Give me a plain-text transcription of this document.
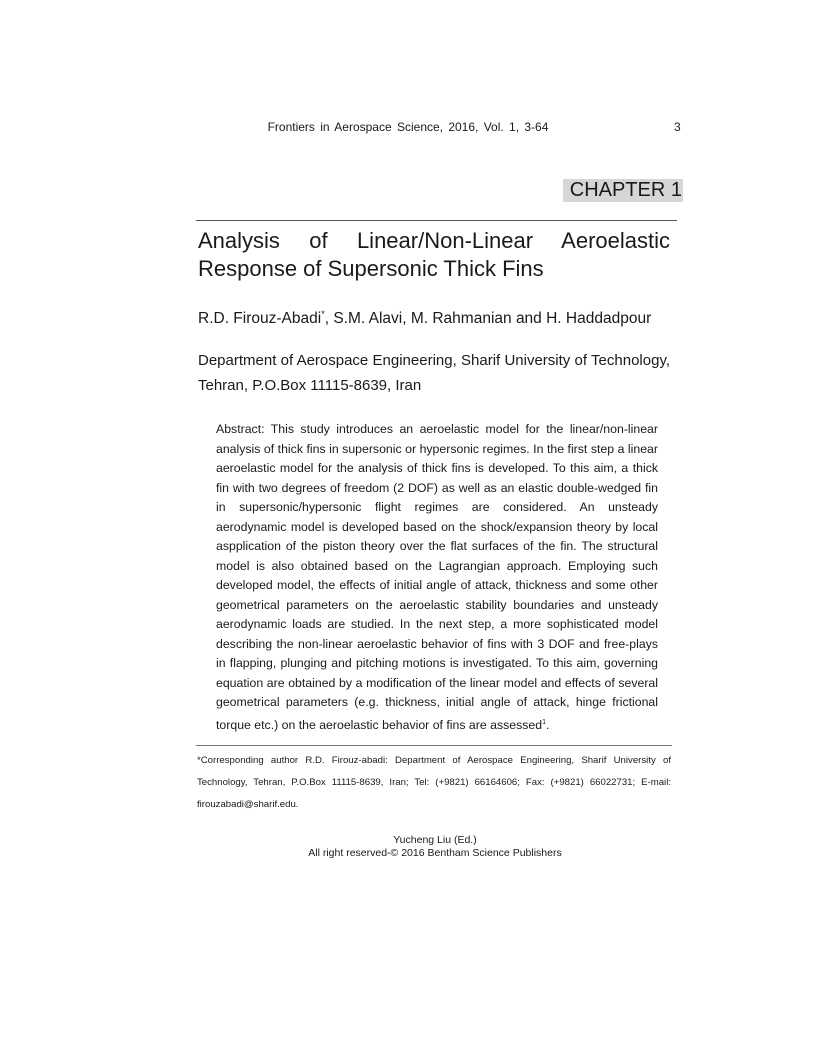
Frontiers in Aerospace Science, 2016, Vol. 1, 3-64	3
CHAPTER 1
Analysis of Linear/Non-Linear Aeroelastic Response of Supersonic Thick Fins
R.D. Firouz-Abadi*, S.M. Alavi, M. Rahmanian and H. Haddadpour
Department of Aerospace Engineering, Sharif University of Technology, Tehran, P.O.Box 11115-8639, Iran
Abstract: This study introduces an aeroelastic model for the linear/non-linear analysis of thick fins in supersonic or hypersonic regimes. In the first step a linear aeroelastic model for the analysis of thick fins is developed. To this aim, a thick fin with two degrees of freedom (2 DOF) as well as an elastic double-wedged fin in supersonic/hypersonic flight regimes are considered. An unsteady aerodynamic model is developed based on the shock/expansion theory by local aspplication of the piston theory over the flat surfaces of the fin. The structural model is also obtained based on the Lagrangian approach. Employing such developed model, the effects of initial angle of attack, thickness and some other geometrical parameters on the aeroelastic stability boundaries and unsteady aerodynamic loads are studied. In the next step, a more sophisticated model describing the non-linear aeroelastic behavior of fins with 3 DOF and free-plays in flapping, plunging and pitching motions is investigated. To this aim, governing equation are obtained by a modification of the linear model and effects of several geometrical parameters (e.g. thickness, initial angle of attack, hinge frictional torque etc.) on the aeroelastic behavior of fins are assessed$^1$.
*Corresponding author R.D. Firouz-abadi: Department of Aerospace Engineering, Sharif University of Technology, Tehran, P.O.Box 11115-8639, Iran; Tel: (+9821) 66164606; Fax: (+9821) 66022731; E-mail: firouzabadi@sharif.edu.
Yucheng Liu (Ed.)
All right reserved-© 2016 Bentham Science Publishers
